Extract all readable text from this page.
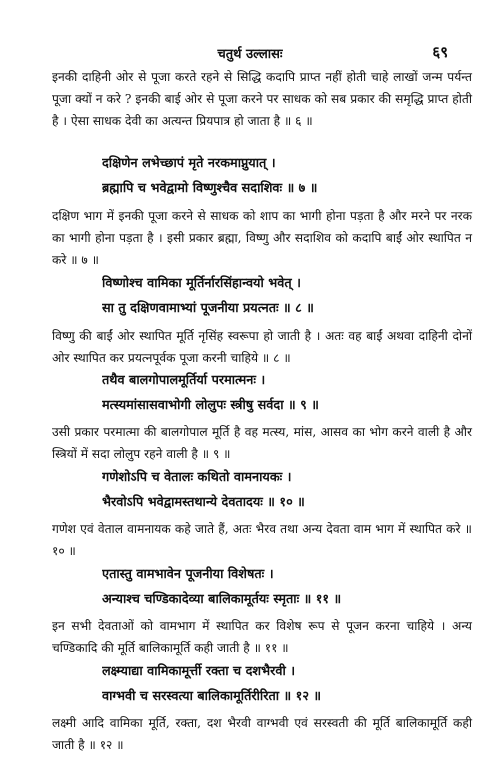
चतुर्थ उल्लासः	६९

इनकी दाहिनी ओर से पूजा करते रहने से सिद्धि कदापि प्राप्त नहीं होती चाहे लाखों जन्म पर्यन्त पूजा क्यों न करे ? इनकी बाई ओर से पूजा करने पर साधक को सब प्रकार की समृद्धि प्राप्त होती है । ऐसा साधक देवी का अत्यन्त प्रियपात्र हो जाता है ॥ ६ ॥

दक्षिणेन लभेच्छापं मृते नरकमाप्नुयात् ।
ब्रह्मापि च भवेद्वामो विष्णुश्चैव सदाशिवः ॥ ७ ॥

दक्षिण भाग में इनकी पूजा करने से साधक को शाप का भागी होना पड़ता है और मरने पर नरक का भागी होना पड़ता है । इसी प्रकार ब्रह्मा, विष्णु और सदाशिव को कदापि बाईं ओर स्थापित न करे ॥ ७ ॥

विष्णोश्च वामिका मूर्तिर्नारसिंहान्वयो भवेत् ।
सा तु दक्षिणवामाभ्यां पूजनीया प्रयत्नतः ॥ ८ ॥

विष्णु की बाईं ओर स्थापित मूर्ति नृसिंह स्वरूपा हो जाती है । अतः वह बाईं अथवा दाहिनी दोनों ओर स्थापित कर प्रयत्नपूर्वक पूजा करनी चाहिये ॥ ८ ॥

तथैव बालगोपालमूर्तिर्या परमात्मनः ।
मत्स्यमांसासवाभोगी लोलुपः स्त्रीषु सर्वदा ॥ ९ ॥

उसी प्रकार परमात्मा की बालगोपाल मूर्ति है वह मत्स्य, मांस, आसव का भोग करने वाली है और स्त्रियों में सदा लोलुप रहने वाली है ॥ ९ ॥

गणेशोऽपि च वेतालः कथितो वामनायकः ।
भैरवोऽपि भवेद्वामस्तथान्ये देवतादयः ॥ १० ॥

गणेश एवं वेताल वामनायक कहे जाते हैं, अतः भैरव तथा अन्य देवता वाम भाग में स्थापित करे ॥ १० ॥

एतास्तु वामभावेन पूजनीया विशेषतः ।
अन्याश्च चण्डिकादेव्या बालिकामूर्तयः स्मृताः ॥ ११ ॥

इन सभी देवताओं को वामभाग में स्थापित कर विशेष रूप से पूजन करना चाहिये । अन्य चण्डिकादि की मूर्ति बालिकामूर्ति कही जाती है ॥ ११ ॥

लक्ष्म्याद्या वामिकामूर्त्ती रक्ता च दशभैरवी ।
वाग्भवी च सरस्वत्या बालिकामूर्तिरीरिता ॥ १२ ॥

लक्ष्मी आदि वामिका मूर्ति, रक्ता, दश भैरवी वाग्भवी एवं सरस्वती की मूर्ति बालिकामूर्ति कही जाती है ॥ १२ ॥
